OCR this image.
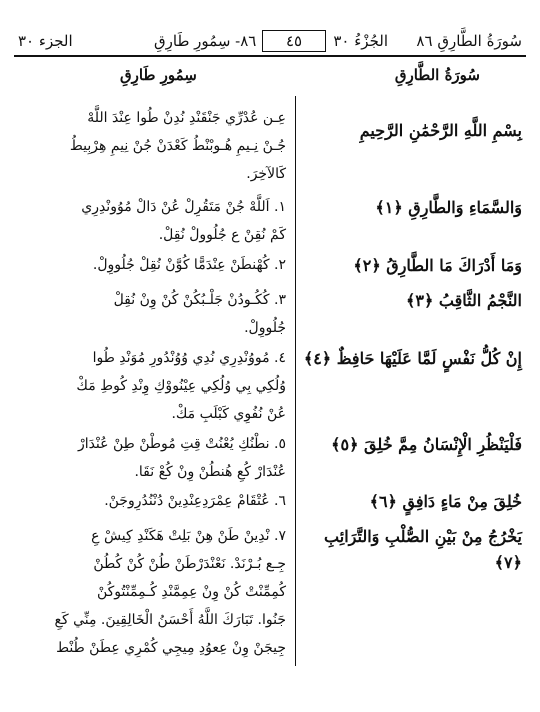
سُورَةُ الطَّارِقِ ٨٦
الجُزْءُ ٣٠
٤٥
٨٦- سِمُورِ طَارِقِ
الجزء ٣٠
سُورَةُ الطَّارِقِ
سِمُورِ طَارِقِ
بِسْمِ اللَّهِ الرَّحْمَٰنِ الرَّحِيمِ

عِـن عُدْرِّي جَنْقَنْدِ نُدِنْ طُوا عِنْدَ اللَّهْ

جُـنْ نِـيمِ هُـوبْنْطُ كَعْدَنْ جُنْ نِيمِ هِرْبِيطُ

كَالآخِرَ.

وَالسَّمَاءِ وَالطَّارِقِ ﴿١﴾

١. اَللَّهْ جُنْ مَتَقُرِلْ عُنْ دَالْ مُوُونْدِرِي

كَمْ نُقِنْ ع جُلُوولْ نُقِلْ.

وَمَا أَدْرَاكَ مَا الطَّارِقُ ﴿٢﴾

٢. كُهْنطَنْ عِنْدَمًّا كُوَّنْ نُقِلْ جُلُووِلْ.

النَّجْمُ الثَّاقِبُ ﴿٣﴾

٣. كُكُـودُنْ جَلْـبُكُنْ كُنْ وِنْ نُقِلْ

جُلُووِلْ.

إِنْ كُلُّ نَفْسٍ لَمَّا عَلَيْهَا حَافِظٌ ﴿٤﴾

٤. مُووُنْدِرِي نُدِي وُوُنْدُورِ مُوَنْدِ طُوا

وُلُكِي بِي وُلُكِي عِيْنُووْكِ وِنْدِ كُوطِ مَكْ

عُنْ نُفُوِي كَبْلَبِ مَكْ.

فَلْيَنْظُرِ الْإِنْسَانُ مِمَّ خُلِقَ ﴿٥﴾

٥. نطْنُكِ يُعْنُتْ قِتِ مُوطْنْ طِنْ عُنْدَارْ

عُنْدَارْ كُعِ هُنطُنْ وِنْ كُعْ نَقَا.

خُلِقَ مِنْ مَاءٍ دَافِقٍ ﴿٦﴾

٦. عُتْقَامْ عِمْرَدِعِنْدِينْ دُنْنُدُرِوجَنْ.

يَخْرُجُ مِنْ بَيْنِ الصُّلْبِ وَالتَّرَائِبِ ﴿٧﴾

٧. نْدِينْ طَنْ هِنْ بَلِتْ هَكَنْدِ كِيشْ عِ

جِـع بُـرْنَدْ. نَعْنْدَرْطَنْ طُنْ كُنْ كُطُنْ

كُمِمِّنْتْ كُنْ وِنْ عِمِمَّنْدِ كُـمِمِّنْتُوكُنْ

جَنُوا. تَبَارَكَ اللَّهُ أَحْسَنُ الْخَالِقِينَ. مِنِّي كَعِ

جِيجَنْ وِنْ عِعوُدِ مِيجِي كُمْرِي عِطَنْ طُنْط
